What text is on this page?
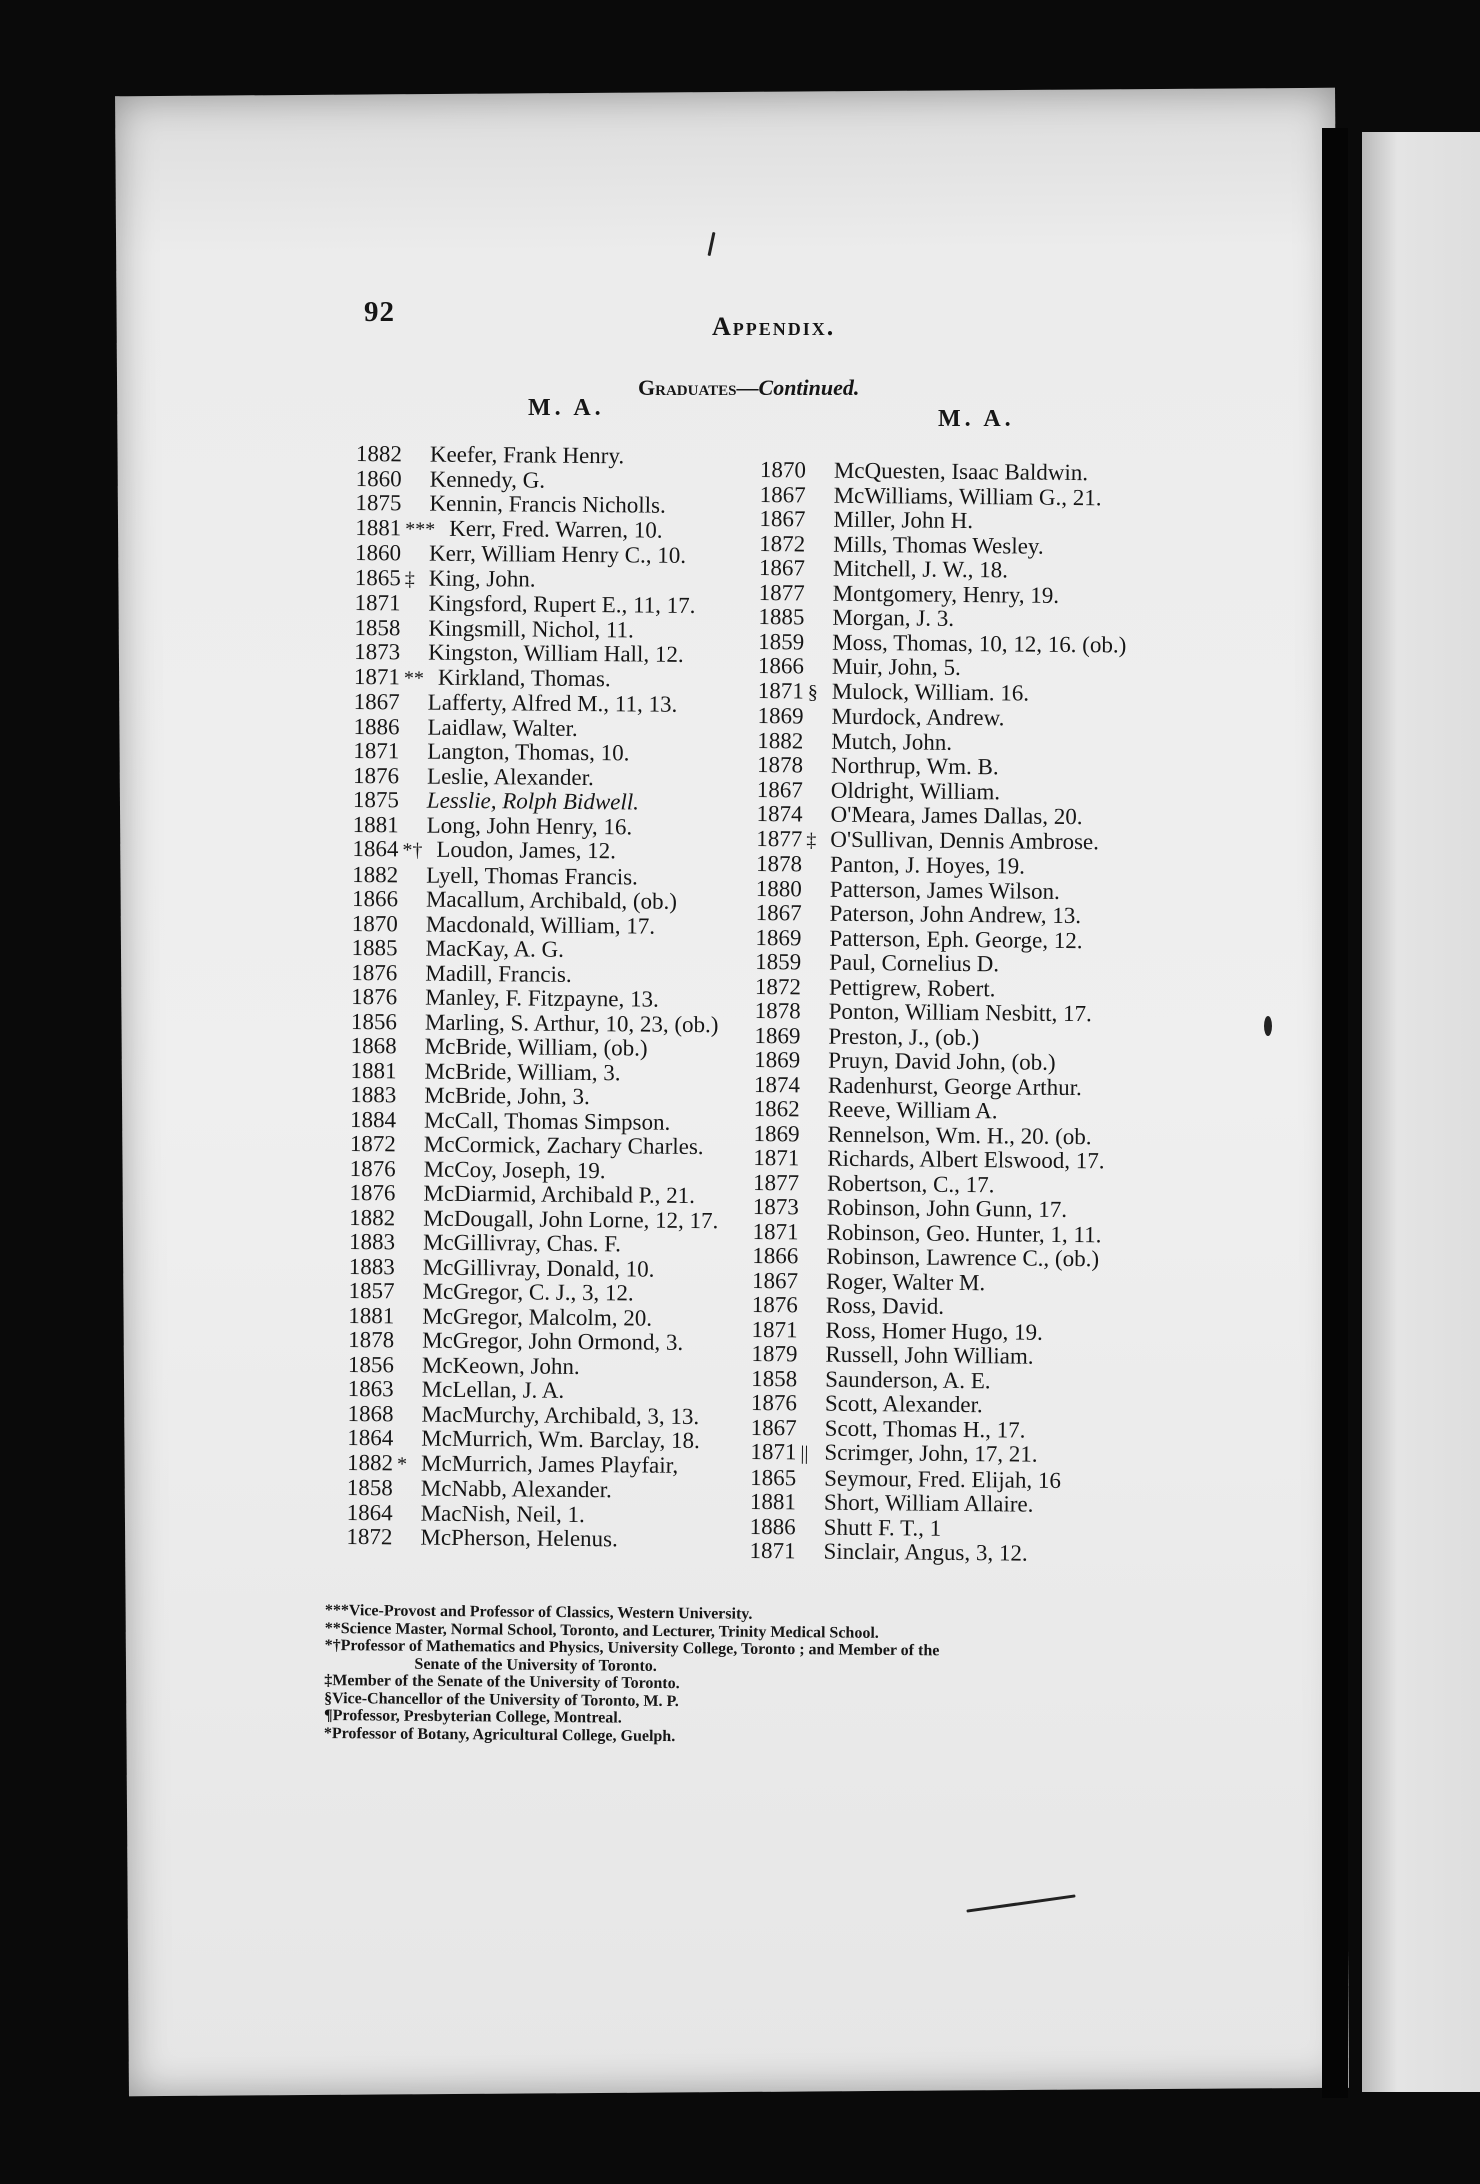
92	Appendix.
Graduates—Continued.
M. A.	M. A.
1882 Keefer, Frank Henry.
1860 Kennedy, G.
1875 Kennin, Francis Nicholls.
1881 *** Kerr, Fred. Warren, 10.
1860 Kerr, William Henry C., 10.
1865 ‡ King, John.
1871 Kingsford, Rupert E., 11, 17.
1858 Kingsmill, Nichol, 11.
1873 Kingston, William Hall, 12.
1871 ** Kirkland, Thomas.
1867 Lafferty, Alfred M., 11, 13.
1886 Laidlaw, Walter.
1871 Langton, Thomas, 10.
1876 Leslie, Alexander.
1875 Lesslie, Rolph Bidwell.
1881 Long, John Henry, 16.
1864 *† Loudon, James, 12.
1882 Lyell, Thomas Francis.
1866 Macallum, Archibald, (ob.)
1870 Macdonald, William, 17.
1885 MacKay, A. G.
1876 Madill, Francis.
1876 Manley, F. Fitzpayne, 13.
1856 Marling, S. Arthur, 10, 23, (ob.)
1868 McBride, William, (ob.)
1881 McBride, William, 3.
1883 McBride, John, 3.
1884 McCall, Thomas Simpson.
1872 McCormick, Zachary Charles.
1876 McCoy, Joseph, 19.
1876 McDiarmid, Archibald P., 21.
1882 McDougall, John Lorne, 12, 17.
1883 McGillivray, Chas. F.
1883 McGillivray, Donald, 10.
1857 McGregor, C. J., 3, 12.
1881 McGregor, Malcolm, 20.
1878 McGregor, John Ormond, 3.
1856 McKeown, John.
1863 McLellan, J. A.
1868 MacMurchy, Archibald, 3, 13.
1864 McMurrich, Wm. Barclay, 18.
1882 * McMurrich, James Playfair,
1858 McNabb, Alexander.
1864 MacNish, Neil, 1.
1872 McPherson, Helenus.
1870 McQuesten, Isaac Baldwin.
1867 McWilliams, William G., 21.
1867 Miller, John H.
1872 Mills, Thomas Wesley.
1867 Mitchell, J. W., 18.
1877 Montgomery, Henry, 19.
1885 Morgan, J. 3.
1859 Moss, Thomas, 10, 12, 16. (ob.)
1866 Muir, John, 5.
1871 § Mulock, William. 16.
1869 Murdock, Andrew.
1882 Mutch, John.
1878 Northrup, Wm. B.
1867 Oldright, William.
1874 O'Meara, James Dallas, 20.
1877 ‡ O'Sullivan, Dennis Ambrose.
1878 Panton, J. Hoyes, 19.
1880 Patterson, James Wilson.
1867 Paterson, John Andrew, 13.
1869 Patterson, Eph. George, 12.
1859 Paul, Cornelius D.
1872 Pettigrew, Robert.
1878 Ponton, William Nesbitt, 17.
1869 Preston, J., (ob.)
1869 Pruyn, David John, (ob.)
1874 Radenhurst, George Arthur.
1862 Reeve, William A.
1869 Rennelson, Wm. H., 20. (ob.
1871 Richards, Albert Elswood, 17.
1877 Robertson, C., 17.
1873 Robinson, John Gunn, 17.
1871 Robinson, Geo. Hunter, 1, 11.
1866 Robinson, Lawrence C., (ob.)
1867 Roger, Walter M.
1876 Ross, David.
1871 Ross, Homer Hugo, 19.
1879 Russell, John William.
1858 Saunderson, A. E.
1876 Scott, Alexander.
1867 Scott, Thomas H., 17.
1871 || Scrimger, John, 17, 21.
1865 Seymour, Fred. Elijah, 16
1881 Short, William Allaire.
1886 Shutt F. T., 1
1871 Sinclair, Angus, 3, 12.
***Vice-Provost and Professor of Classics, Western University.
**Science Master, Normal School, Toronto, and Lecturer, Trinity Medical School.
*†Professor of Mathematics and Physics, University College, Toronto ; and Member of the
Senate of the University of Toronto.
‡Member of the Senate of the University of Toronto.
§Vice-Chancellor of the University of Toronto, M. P.
¶Professor, Presbyterian College, Montreal.
*Professor of Botany, Agricultural College, Guelph.
